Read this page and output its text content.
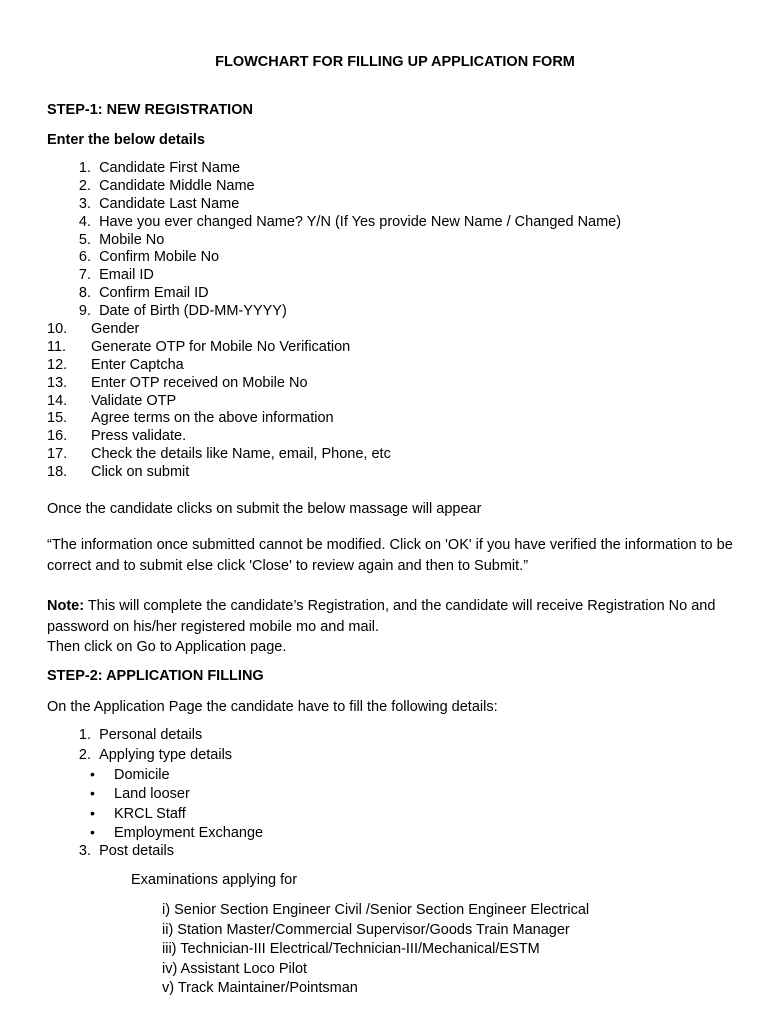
FLOWCHART FOR FILLING UP APPLICATION FORM
STEP-1: NEW REGISTRATION
Enter the below details
1. Candidate First Name
2. Candidate Middle Name
3. Candidate Last Name
4. Have you ever changed Name? Y/N (If Yes provide New Name / Changed Name)
5. Mobile No
6. Confirm Mobile No
7. Email ID
8. Confirm Email ID
9. Date of Birth (DD-MM-YYYY)
10. Gender
11. Generate OTP for Mobile No Verification
12. Enter Captcha
13. Enter OTP received on Mobile No
14. Validate OTP
15. Agree terms on the above information
16. Press validate.
17. Check the details like Name, email, Phone, etc
18. Click on submit
Once the candidate clicks on submit the below massage will appear
“The information once submitted cannot be modified. Click on 'OK' if you have verified the information to be correct and to submit else click 'Close' to review again and then to Submit.”
Note: This will complete the candidate’s Registration, and the candidate will receive Registration No and password on his/her registered mobile mo and mail.
Then click on Go to Application page.
STEP-2: APPLICATION FILLING
On the Application Page the candidate have to fill the following details:
1. Personal details
2. Applying type details
• Domicile
• Land looser
• KRCL Staff
• Employment Exchange
3. Post details
Examinations applying for
i) Senior Section Engineer Civil /Senior Section Engineer Electrical
ii) Station Master/Commercial Supervisor/Goods Train Manager
iii) Technician-III Electrical/Technician-III/Mechanical/ESTM
iv) Assistant Loco Pilot
v) Track Maintainer/Pointsman
